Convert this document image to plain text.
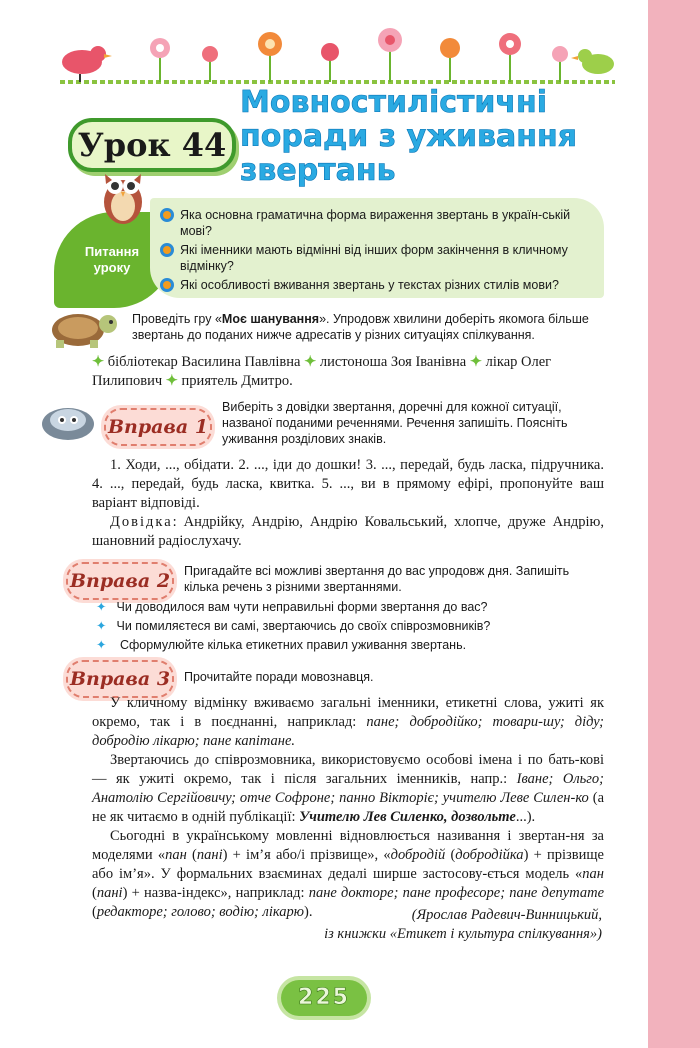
Урок 44
Мовностилістичні
поради з уживання
звертань
Питання
уроку
Яка основна граматична форма вираження звертань в україн-ській мові?
Які іменники мають відмінні від інших форм закінчення в кличному відмінку?
Які особливості вживання звертань у текстах різних стилів мови?
Проведіть гру «Моє шанування». Упродовж хвилини доберіть якомога більше звертань до поданих нижче адресатів у різних ситуаціях спілкування.
✦ бібліотекар Василина Павлівна ✦ листоноша Зоя Іванівна ✦ лікар Олег Пилипович ✦ приятель Дмитро.
Вправа 1
Виберіть з довідки звертання, доречні для кожної ситуації, названої поданими реченнями. Речення запишіть. Поясніть уживання розділових знаків.

1. Ходи, ..., обідати. 2. ..., іди до дошки! 3. ..., передай, будь ласка, підручника. 4. ..., передай, будь ласка, квитка. 5. ..., ви в прямому ефірі, пропонуйте ваш варіант відповіді.

Довідка: Андрійку, Андрію, Андрію Ковальський, хлопче, друже Андрію, шановний радіослухачу.

Вправа 2 Пригадайте всі можливі звертання до вас упродовж дня. Запишіть кілька речень з різними звертаннями.
✦ Чи доводилося вам чути неправильні форми звертання до вас?
✦ Чи помиляєтеся ви самі, звертаючись до своїх співрозмовників?
✦ Сформулюйте кілька етикетних правил уживання звертань.
Вправа 3 Прочитайте поради мовознавця.

У кличному відмінку вживаємо загальні іменники, етикетні слова, ужиті як окремо, так і в поєднанні, наприклад: пане; добродійко; товари-шу; діду; добродію лікарю; пане капітане.

Звертаючись до співрозмовника, використовуємо особові імена і по бать-кові — як ужиті окремо, так і після загальних іменників, напр.: Іване; Ольго; Анатолію Сергійовичу; отче Софроне; панно Вікторіє; учителю Леве Силен-ко (а не як читаємо в одній публікації: Учителю Лев Силенко, дозвольте...).

Сьогодні в українському мовленні відновлюється називання і звертан-ня за моделями «пан (пані) + ім’я або/і прізвище», «добродій (добродійка) + прізвище або ім’я». У формальних взаєминах дедалі ширше застосову-ється модель «пан (пані) + назва-індекс», наприклад: пане докторе; пане професоре; пане депутате (редакторе; голово; водію; лікарю).	(Ярослав Радевич-Винницький,
із книжки «Етикет і культура спілкування»)
225
